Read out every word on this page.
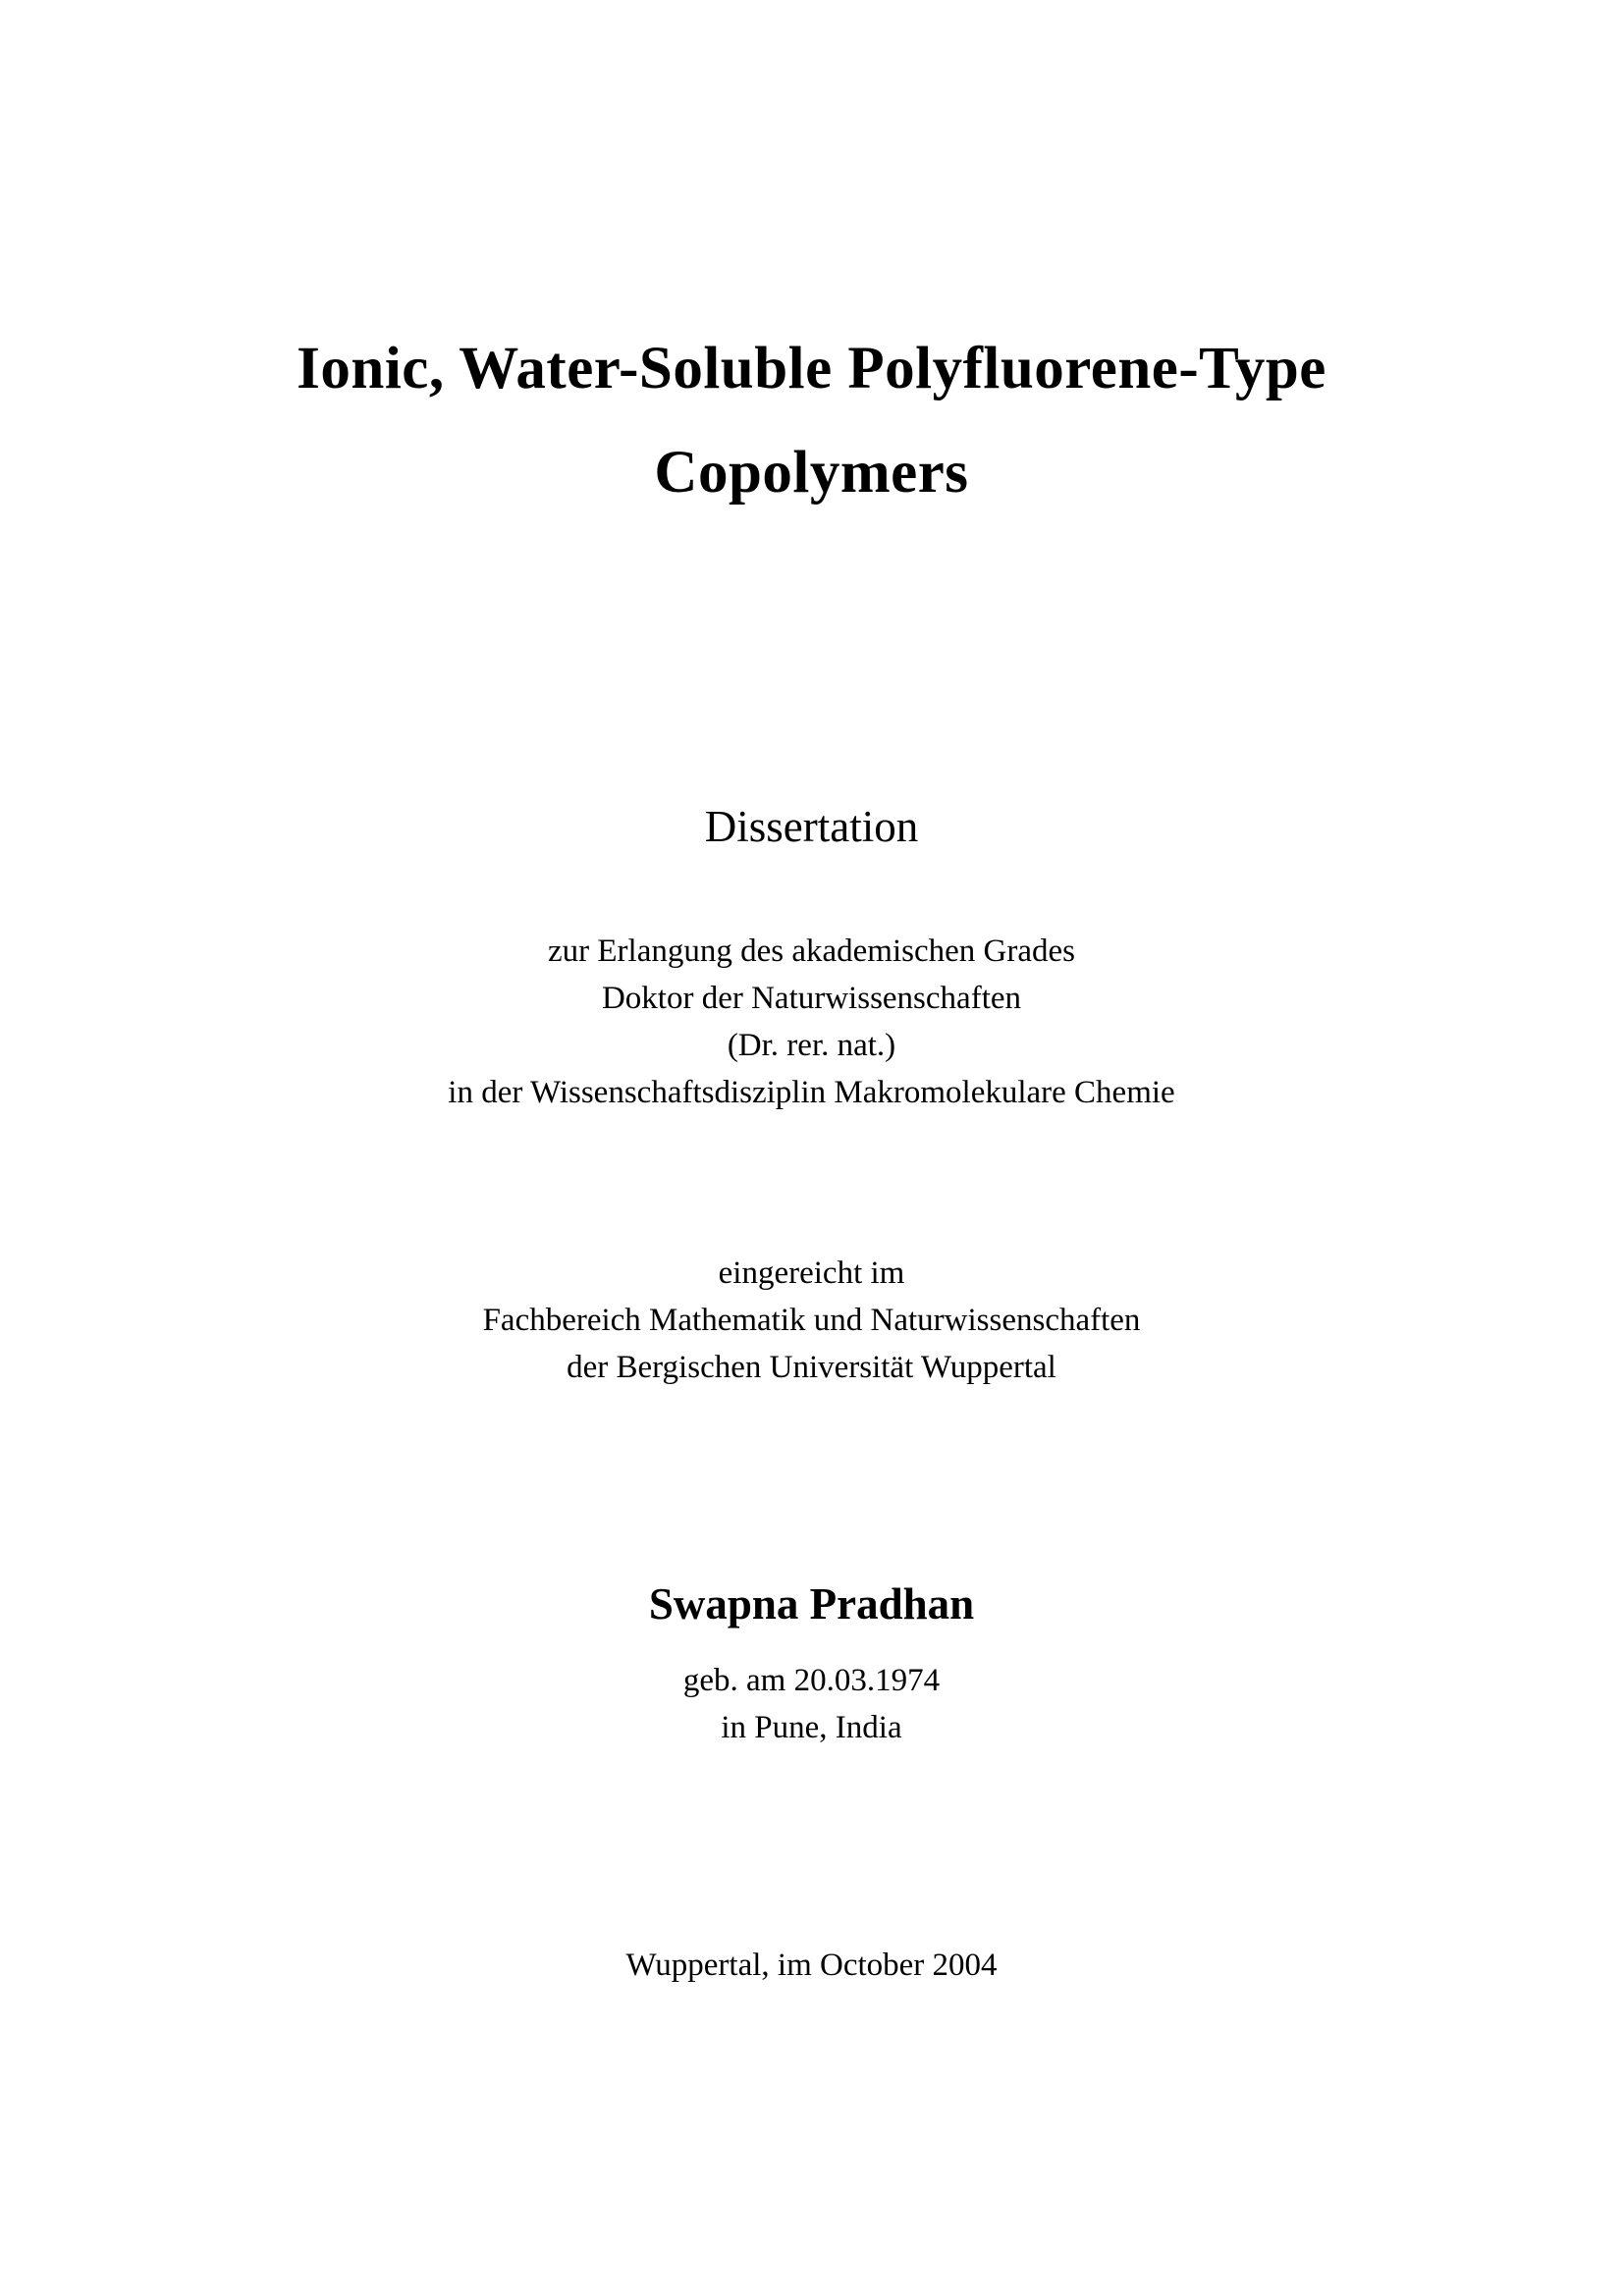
Ionic, Water-Soluble Polyfluorene-Type
Copolymers
Dissertation
zur Erlangung des akademischen Grades
Doktor der Naturwissenschaften
(Dr. rer. nat.)
in der Wissenschaftsdisziplin Makromolekulare Chemie
eingereicht im
Fachbereich Mathematik und Naturwissenschaften
der Bergischen Universität Wuppertal
Swapna Pradhan
geb. am 20.03.1974
in Pune, India
Wuppertal, im October 2004
